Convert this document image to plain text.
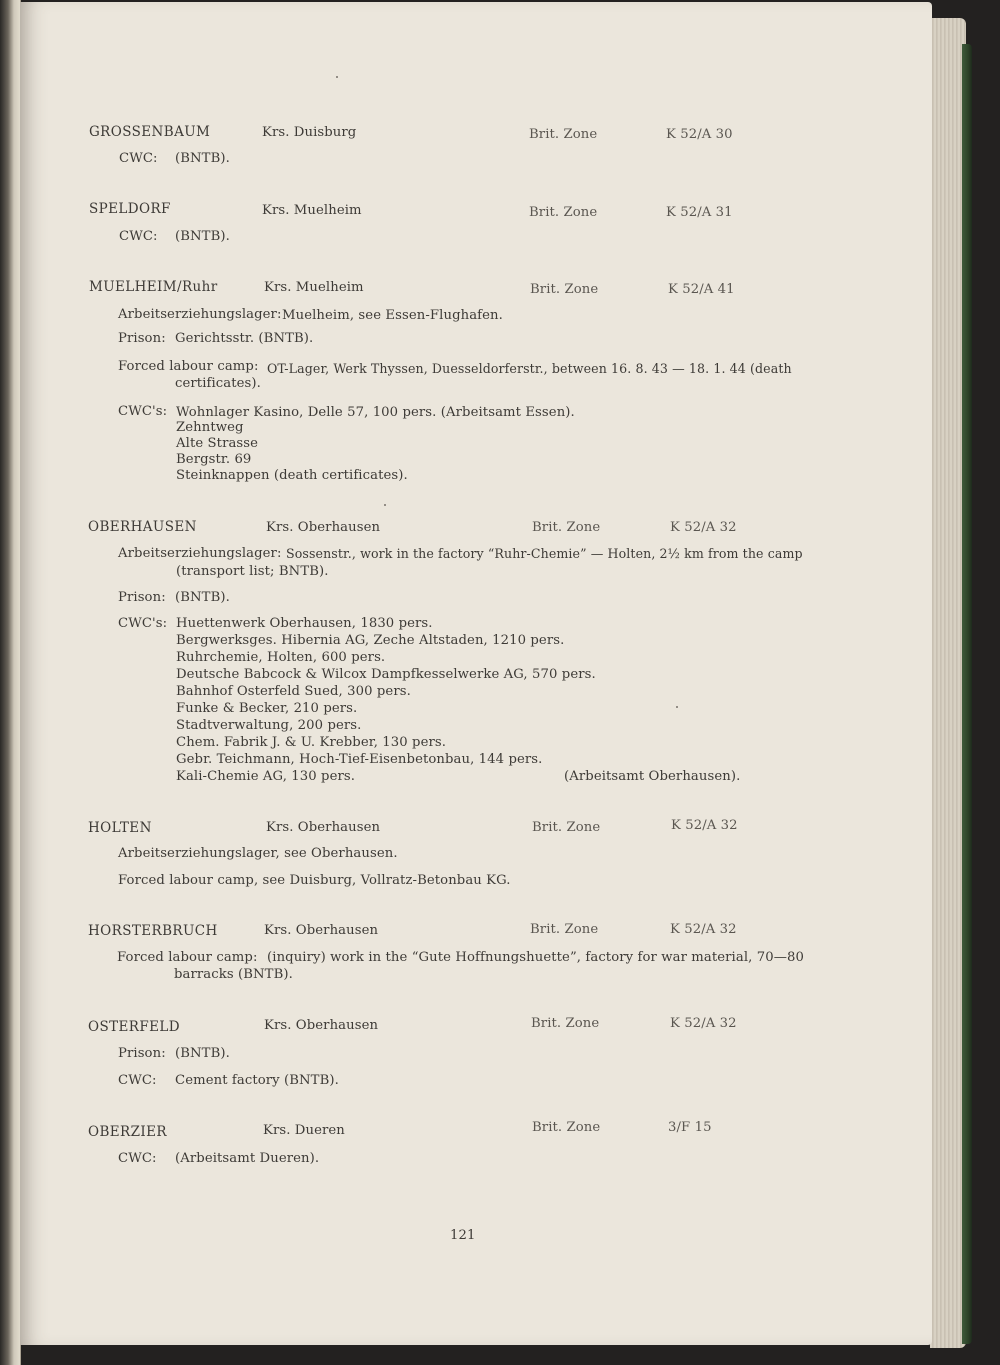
GROSSENBAUM	Krs. Duisburg	Brit. Zone	K 52/A 30
CWC: (BNTB).
SPELDORF	Krs. Muelheim	Brit. Zone	K 52/A 31
CWC: (BNTB).
MUELHEIM/Ruhr	Krs. Muelheim	Brit. Zone	K 52/A 41
Arbeitserziehungslager: Muelheim, see Essen-Flughafen.
Prison: Gerichtsstr. (BNTB).
Forced labour camp: OT-Lager, Werk Thyssen, Duesseldorferstr., between 16. 8. 43 — 18. 1. 44 (death
certificates).
CWC's: Wohnlager Kasino, Delle 57, 100 pers. (Arbeitsamt Essen).
Zehntweg
Alte Strasse
Bergstr. 69
Steinknappen (death certificates).
OBERHAUSEN	Krs. Oberhausen	Brit. Zone	K 52/A 32
Arbeitserziehungslager: Sossenstr., work in the factory “Ruhr-Chemie” — Holten, 2½ km from the camp
(transport list; BNTB).
Prison: (BNTB).
CWC's: Huettenwerk Oberhausen, 1830 pers.
Bergwerksges. Hibernia AG, Zeche Altstaden, 1210 pers.
Ruhrchemie, Holten, 600 pers.
Deutsche Babcock & Wilcox Dampfkesselwerke AG, 570 pers.
Bahnhof Osterfeld Sued, 300 pers.
Funke & Becker, 210 pers.
Stadtverwaltung, 200 pers.
Chem. Fabrik J. & U. Krebber, 130 pers.
Gebr. Teichmann, Hoch-Tief-Eisenbetonbau, 144 pers.
Kali-Chemie AG, 130 pers.	(Arbeitsamt Oberhausen).
HOLTEN	Krs. Oberhausen	Brit. Zone	K 52/A 32
Arbeitserziehungslager, see Oberhausen.
Forced labour camp, see Duisburg, Vollratz-Betonbau KG.
HORSTERBRUCH	Krs. Oberhausen	Brit. Zone	K 52/A 32
Forced labour camp: (inquiry) work in the “Gute Hoffnungshuette”, factory for war material, 70—80
barracks (BNTB).
OSTERFELD	Krs. Oberhausen	Brit. Zone	K 52/A 32
Prison: (BNTB).
CWC: Cement factory (BNTB).
OBERZIER	Krs. Dueren	Brit. Zone	3/F 15
CWC: (Arbeitsamt Dueren).
121
